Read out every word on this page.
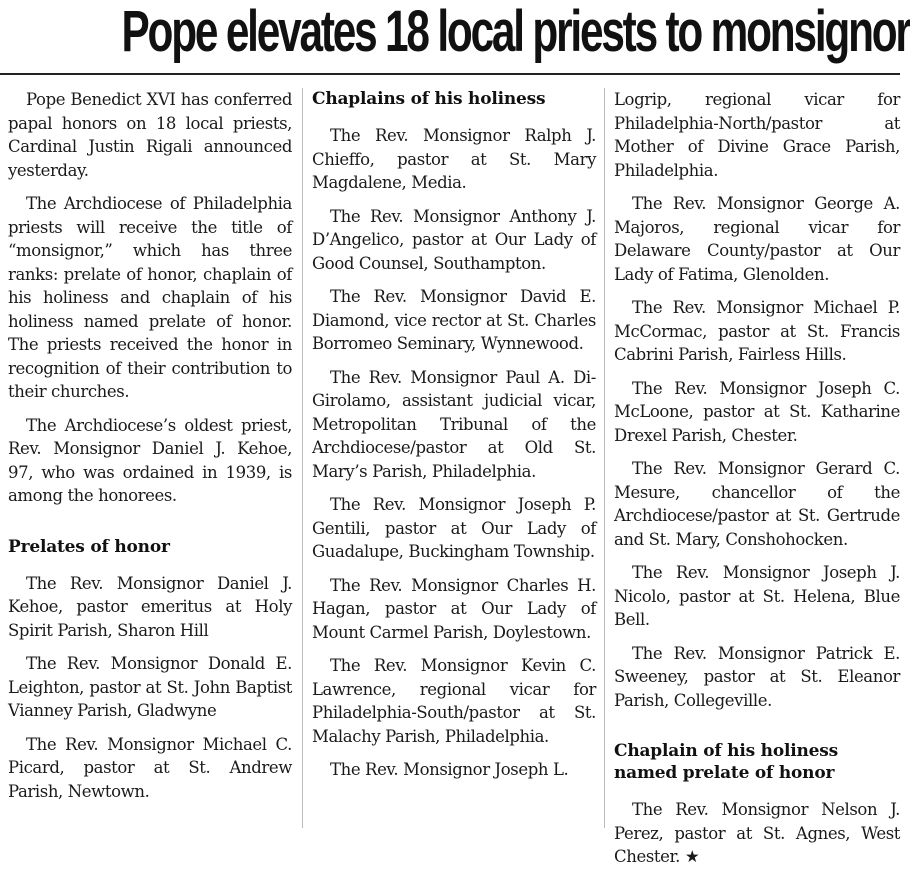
Pope elevates 18 local priests to monsignor

Pope Benedict XVI has conferred papal honors on 18 local priests, Cardinal Justin Rigali announced yesterday.

The Archdiocese of Philadelphia priests will receive the title of “monsignor,” which has three ranks: prelate of honor, chaplain of his holiness and chaplain of his holiness named prelate of honor. The priests received the honor in recognition of their contribution to their churches.

The Archdiocese’s oldest priest, Rev. Monsignor Daniel J. Kehoe, 97, who was ordained in 1939, is among the honorees.

Prelates of honor

The Rev. Monsignor Daniel J. Kehoe, pastor emeritus at Holy Spirit Parish, Sharon Hill

The Rev. Monsignor Donald E. Leighton, pastor at St. John Baptist Vianney Parish, Gladwyne

The Rev. Monsignor Michael C. Picard, pastor at St. Andrew Parish, Newtown.

Chaplains of his holiness

The Rev. Monsignor Ralph J. Chieffo, pastor at St. Mary Magdalene, Media.

The Rev. Monsignor Anthony J. D’Angelico, pastor at Our Lady of Good Counsel, Southampton.

The Rev. Monsignor David E. Diamond, vice rector at St. Charles Borromeo Seminary, Wynnewood.

The Rev. Monsignor Paul A. Di-Girolamo, assistant judicial vicar, Metropolitan Tribunal of the Archdiocese/pastor at Old St. Mary’s Parish, Philadelphia.

The Rev. Monsignor Joseph P. Gentili, pastor at Our Lady of Guadalupe, Buckingham Township.

The Rev. Monsignor Charles H. Hagan, pastor at Our Lady of Mount Carmel Parish, Doylestown.

The Rev. Monsignor Kevin C. Lawrence, regional vicar for Philadelphia-South/pastor at St. Malachy Parish, Philadelphia.

The Rev. Monsignor Joseph L.

Logrip, regional vicar for Philadelphia-North/pastor at Mother of Divine Grace Parish, Philadelphia.

The Rev. Monsignor George A. Majoros, regional vicar for Delaware County/pastor at Our Lady of Fatima, Glenolden.

The Rev. Monsignor Michael P. McCormac, pastor at St. Francis Cabrini Parish, Fairless Hills.

The Rev. Monsignor Joseph C. McLoone, pastor at St. Katharine Drexel Parish, Chester.

The Rev. Monsignor Gerard C. Mesure, chancellor of the Archdiocese/pastor at St. Gertrude and St. Mary, Conshohocken.

The Rev. Monsignor Joseph J. Nicolo, pastor at St. Helena, Blue Bell.

The Rev. Monsignor Patrick E. Sweeney, pastor at St. Eleanor Parish, Collegeville.

Chaplain of his holiness
named prelate of honor

The Rev. Monsignor Nelson J. Perez, pastor at St. Agnes, West Chester. ★
